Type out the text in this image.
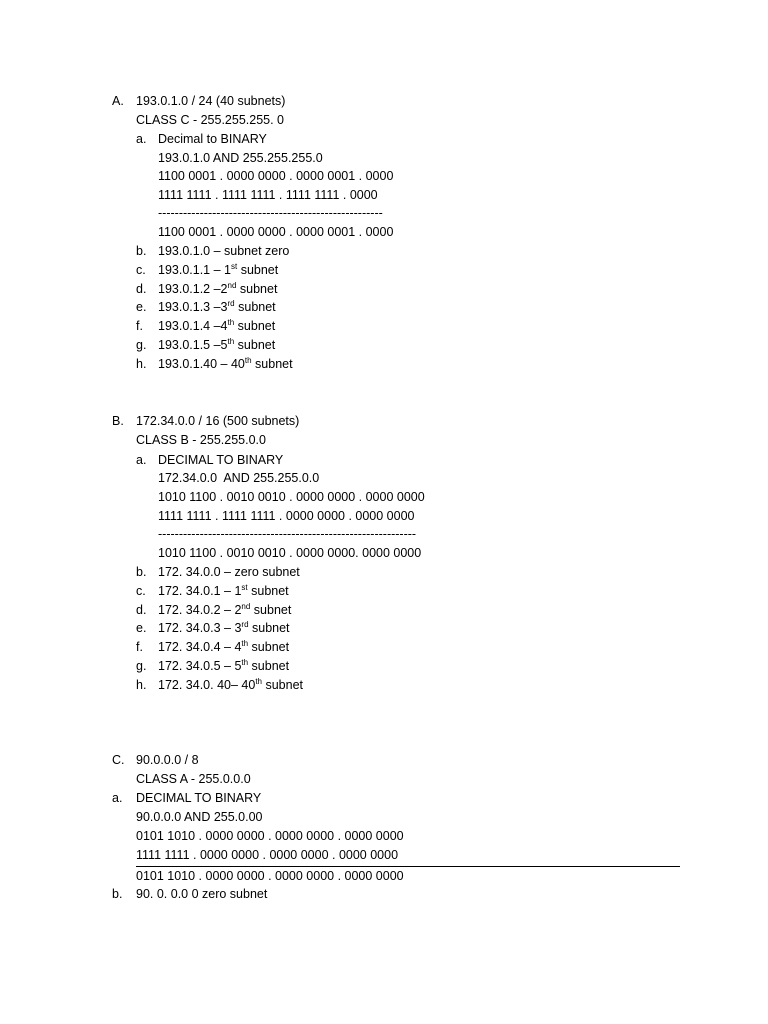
A. 193.0.1.0 / 24 (40 subnets)
CLASS C - 255.255.255. 0
a. Decimal to BINARY
193.0.1.0 AND 255.255.255.0
1100 0001 . 0000 0000 . 0000 0001 . 0000
1111 1111 . 1111 1111 . 1111 1111 . 0000
------------------------------------------------------
1100 0001 . 0000 0000 . 0000 0001 . 0000
b. 193.0.1.0 – subnet zero
c. 193.0.1.1 – 1st subnet
d. 193.0.1.2 –2nd subnet
e. 193.0.1.3 –3rd subnet
f. 193.0.1.4 –4th subnet
g. 193.0.1.5 –5th subnet
h. 193.0.1.40 – 40th subnet
B. 172.34.0.0 / 16 (500 subnets)
CLASS B - 255.255.0.0
a. DECIMAL TO BINARY
172.34.0.0  AND 255.255.0.0
1010 1100 . 0010 0010 . 0000 0000 . 0000 0000
1111 1111 . 1111 1111 . 0000 0000 . 0000 0000
--------------------------------------------------------------
1010 1100 . 0010 0010 . 0000 0000. 0000 0000
b. 172. 34.0.0 – zero subnet
c. 172. 34.0.1 – 1st subnet
d. 172. 34.0.2 – 2nd subnet
e. 172. 34.0.3 – 3rd subnet
f. 172. 34.0.4 – 4th subnet
g. 172. 34.0.5 – 5th subnet
h. 172. 34.0. 40– 40th subnet
C. 90.0.0.0 / 8
CLASS A - 255.0.0.0
a. DECIMAL TO BINARY
90.0.0.0 AND 255.0.00
0101 1010 . 0000 0000 . 0000 0000 . 0000 0000
1111 1111 . 0000 0000 . 0000 0000 . 0000 0000
0101 1010 . 0000 0000 . 0000 0000 . 0000 0000
b. 90. 0. 0.0 0 zero subnet
